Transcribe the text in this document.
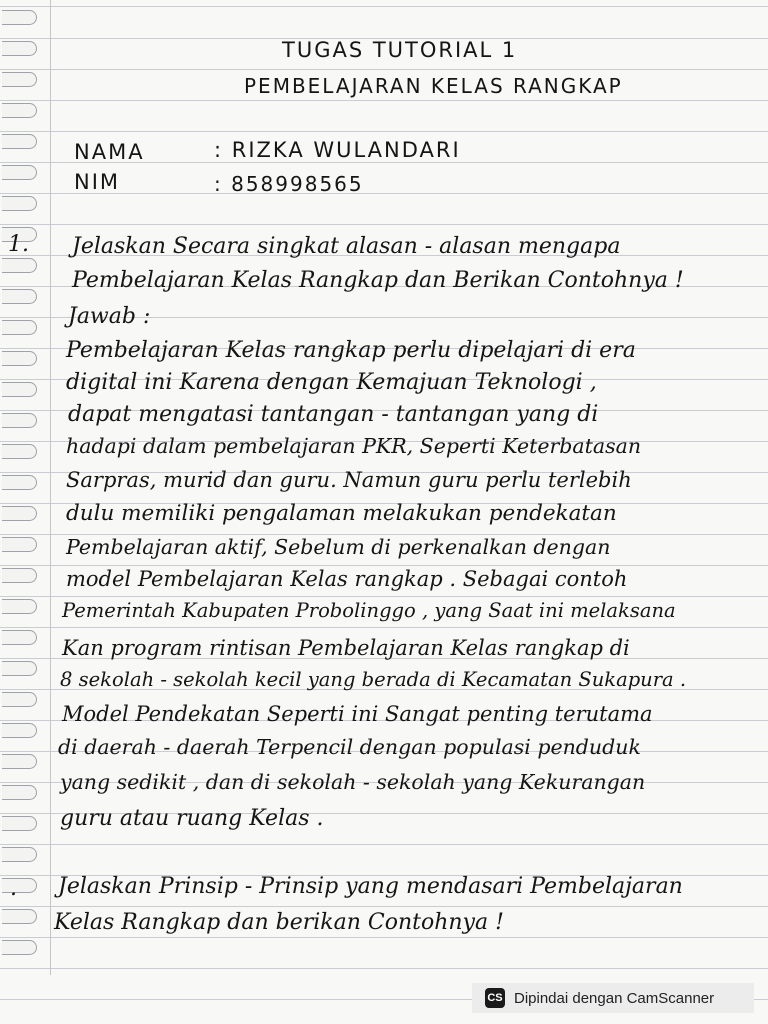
TUGAS TUTORIAL 1
PEMBELAJARAN KELAS RANGKAP
NAMA	: RIZKA WULANDARI
NIM	: 858998565
1. Jelaskan Secara singkat alasan - alasan mengapa
Pembelajaran Kelas Rangkap dan Berikan Contohnya !
Jawab :
Pembelajaran Kelas rangkap perlu dipelajari di era
digital ini Karena dengan Kemajuan Teknologi ,
dapat mengatasi tantangan - tantangan yang di
hadapi dalam pembelajaran PKR, Seperti Keterbatasan
Sarpras, murid dan guru. Namun guru perlu terlebih
dulu memiliki pengalaman melakukan pendekatan
Pembelajaran aktif, Sebelum di perkenalkan dengan
model Pembelajaran Kelas rangkap . Sebagai contoh
Pemerintah Kabupaten Probolinggo , yang Saat ini melaksana
Kan program rintisan Pembelajaran Kelas rangkap di
8 sekolah - sekolah kecil yang berada di Kecamatan Sukapura .
Model Pendekatan Seperti ini Sangat penting terutama
di daerah - daerah Terpencil dengan populasi penduduk
yang sedikit , dan di sekolah - sekolah yang Kekurangan
guru atau ruang Kelas .
. Jelaskan Prinsip - Prinsip yang mendasari Pembelajaran
Kelas Rangkap dan berikan Contohnya !
CS Dipindai dengan CamScanner
